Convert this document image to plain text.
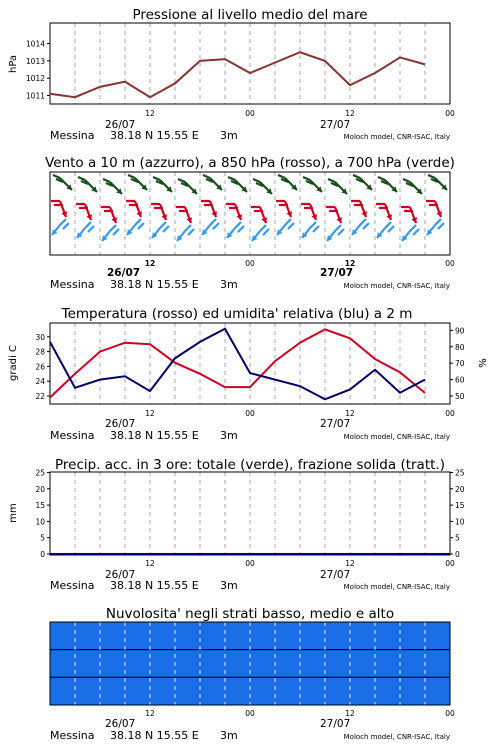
Pressione al livello medio del mare
1011
1012
1013
1014
hPa
12	00	12	00
26/07	27/07
Messina 38.18 N 15.55 E 3m	Moloch model, CNR-ISAC, Italy
Vento a 10 m (azzurro), a 850 hPa (rosso), a 700 hPa (verde)
12	00	12	00
26/07	27/07
Messina 38.18 N 15.55 E 3m	Moloch model, CNR-ISAC, Italy
Temperatura (rosso) ed umidita' relativa (blu) a 2 m
22
24
26
28
30
50
60
70
80
90
gradi C	%
12	00	12	00
26/07	27/07
Messina 38.18 N 15.55 E 3m	Moloch model, CNR-ISAC, Italy
Precip. acc. in 3 ore: totale (verde), frazione solida (tratt.)
0
5
10
15
20
25
0
5
10
15
20
25
mm
12	00	12	00
26/07	27/07
Messina 38.18 N 15.55 E 3m	Moloch model, CNR-ISAC, Italy
Nuvolosita' negli strati basso, medio e alto
12	00	12	00
26/07	27/07
Messina 38.18 N 15.55 E 3m	Moloch model, CNR-ISAC, Italy
